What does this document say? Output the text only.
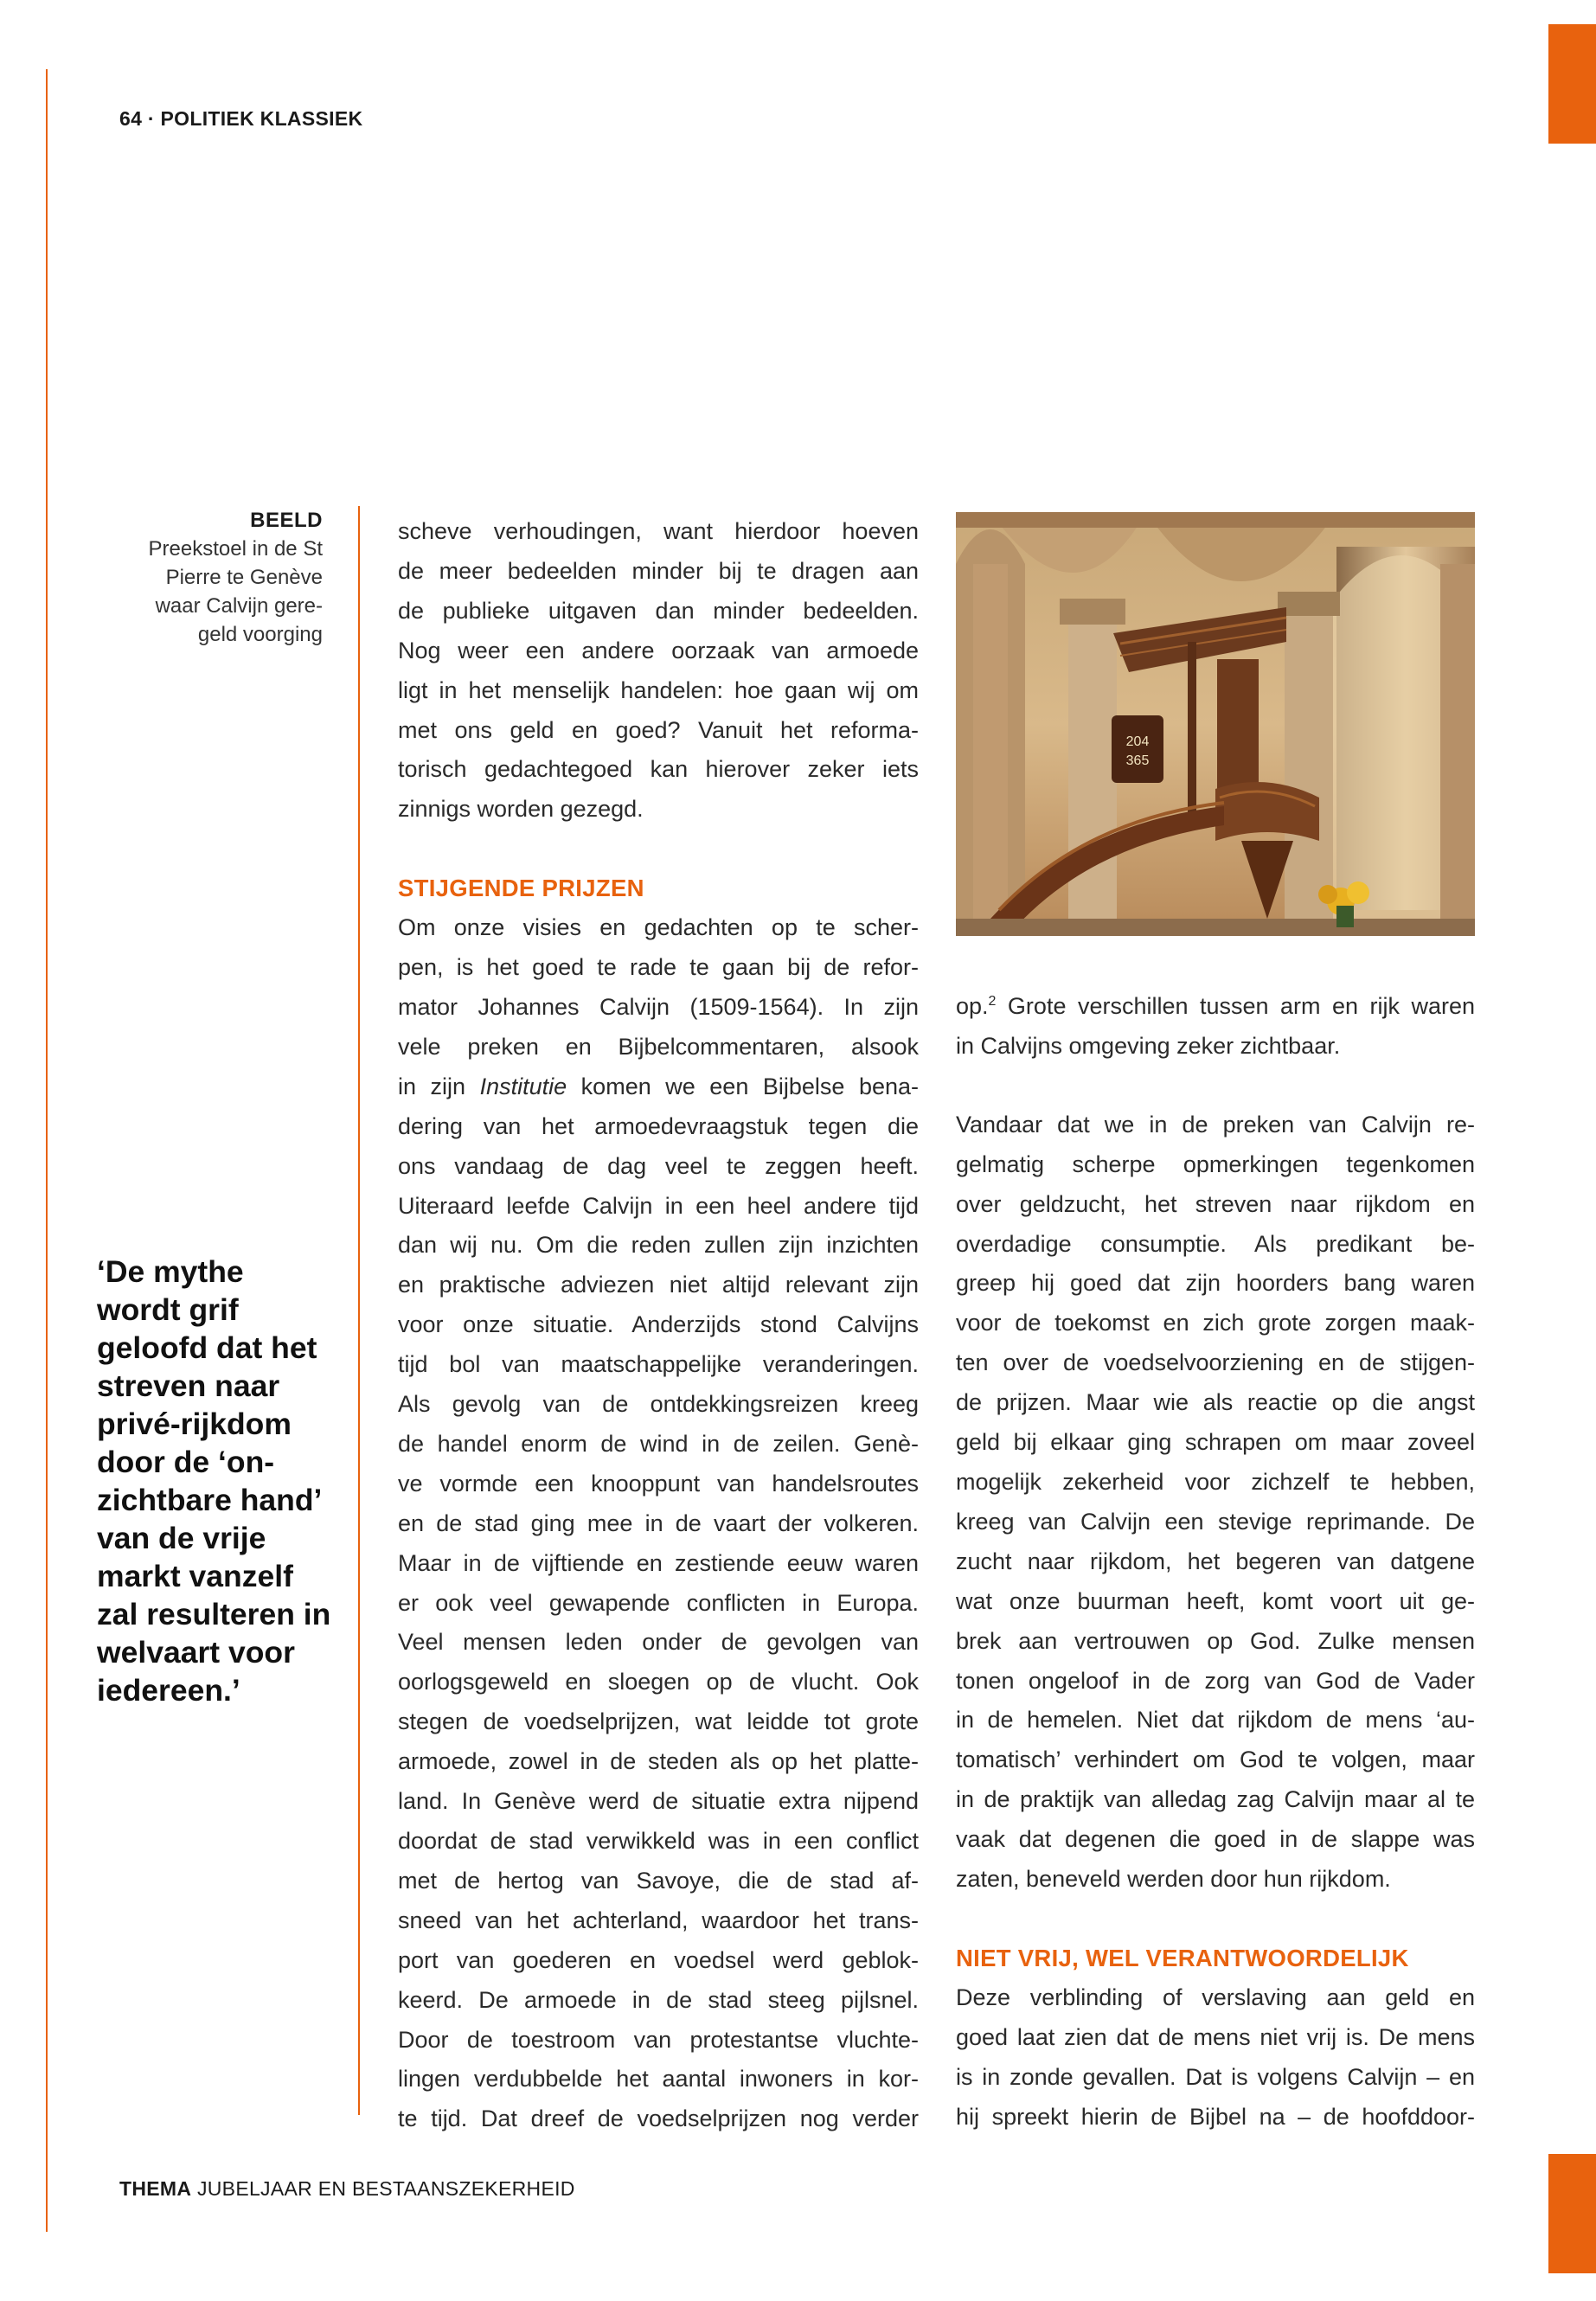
64 · POLITIEK KLASSIEK
BEELD
Preekstoel in de St
Pierre te Genève
waar Calvijn gere-
geld voorging
‘De mythe
wordt grif
geloofd dat het
streven naar
privé-rijkdom
door de ‘on-
zichtbare hand’
van de vrije
markt vanzelf
zal resulteren in
welvaart voor
iedereen.’

scheve verhoudingen, want hierdoor hoeven
de meer bedeelden minder bij te dragen aan
de publieke uitgaven dan minder bedeelden.
Nog weer een andere oorzaak van armoede
ligt in het menselijk handelen: hoe gaan wij om
met ons geld en goed? Vanuit het reforma-
torisch gedachtegoed kan hierover zeker iets
zinnigs worden gezegd.

STIJGENDE PRIJZEN

Om onze visies en gedachten op te scher-
pen, is het goed te rade te gaan bij de refor-
mator Johannes Calvijn (1509-1564). In zijn
vele preken en Bijbelcommentaren, alsook
in zijn Institutie komen we een Bijbelse bena-
dering van het armoedevraagstuk tegen die
ons vandaag de dag veel te zeggen heeft.
Uiteraard leefde Calvijn in een heel andere tijd
dan wij nu. Om die reden zullen zijn inzichten
en praktische adviezen niet altijd relevant zijn
voor onze situatie. Anderzijds stond Calvijns
tijd bol van maatschappelijke veranderingen.
Als gevolg van de ontdekkingsreizen kreeg
de handel enorm de wind in de zeilen. Genè-
ve vormde een knooppunt van handelsroutes
en de stad ging mee in de vaart der volkeren.
Maar in de vijftiende en zestiende eeuw waren
er ook veel gewapende conflicten in Europa.
Veel mensen leden onder de gevolgen van
oorlogsgeweld en sloegen op de vlucht. Ook
stegen de voedselprijzen, wat leidde tot grote
armoede, zowel in de steden als op het platte-
land. In Genève werd de situatie extra nijpend
doordat de stad verwikkeld was in een conflict
met de hertog van Savoye, die de stad af-
sneed van het achterland, waardoor het trans-
port van goederen en voedsel werd geblok-
keerd. De armoede in de stad steeg pijlsnel.
Door de toestroom van protestantse vluchte-
lingen verdubbelde het aantal inwoners in kor-
te tijd. Dat dreef de voedselprijzen nog verder

204
365

op.$^2$ Grote verschillen tussen arm en rijk waren
in Calvijns omgeving zeker zichtbaar.

Vandaar dat we in de preken van Calvijn re-
gelmatig scherpe opmerkingen tegenkomen
over geldzucht, het streven naar rijkdom en
overdadige consumptie. Als predikant be-
greep hij goed dat zijn hoorders bang waren
voor de toekomst en zich grote zorgen maak-
ten over de voedselvoorziening en de stijgen-
de prijzen. Maar wie als reactie op die angst
geld bij elkaar ging schrapen om maar zoveel
mogelijk zekerheid voor zichzelf te hebben,
kreeg van Calvijn een stevige reprimande. De
zucht naar rijkdom, het begeren van datgene
wat onze buurman heeft, komt voort uit ge-
brek aan vertrouwen op God. Zulke mensen
tonen ongeloof in de zorg van God de Vader
in de hemelen. Niet dat rijkdom de mens ‘au-
tomatisch’ verhindert om God te volgen, maar
in de praktijk van alledag zag Calvijn maar al te
vaak dat degenen die goed in de slappe was
zaten, beneveld werden door hun rijkdom.

NIET VRIJ, WEL VERANTWOORDELIJK

Deze verblinding of verslaving aan geld en
goed laat zien dat de mens niet vrij is. De mens
is in zonde gevallen. Dat is volgens Calvijn – en
hij spreekt hierin de Bijbel na – de hoofddoor-

THEMA JUBELJAAR EN BESTAANSZEKERHEID
